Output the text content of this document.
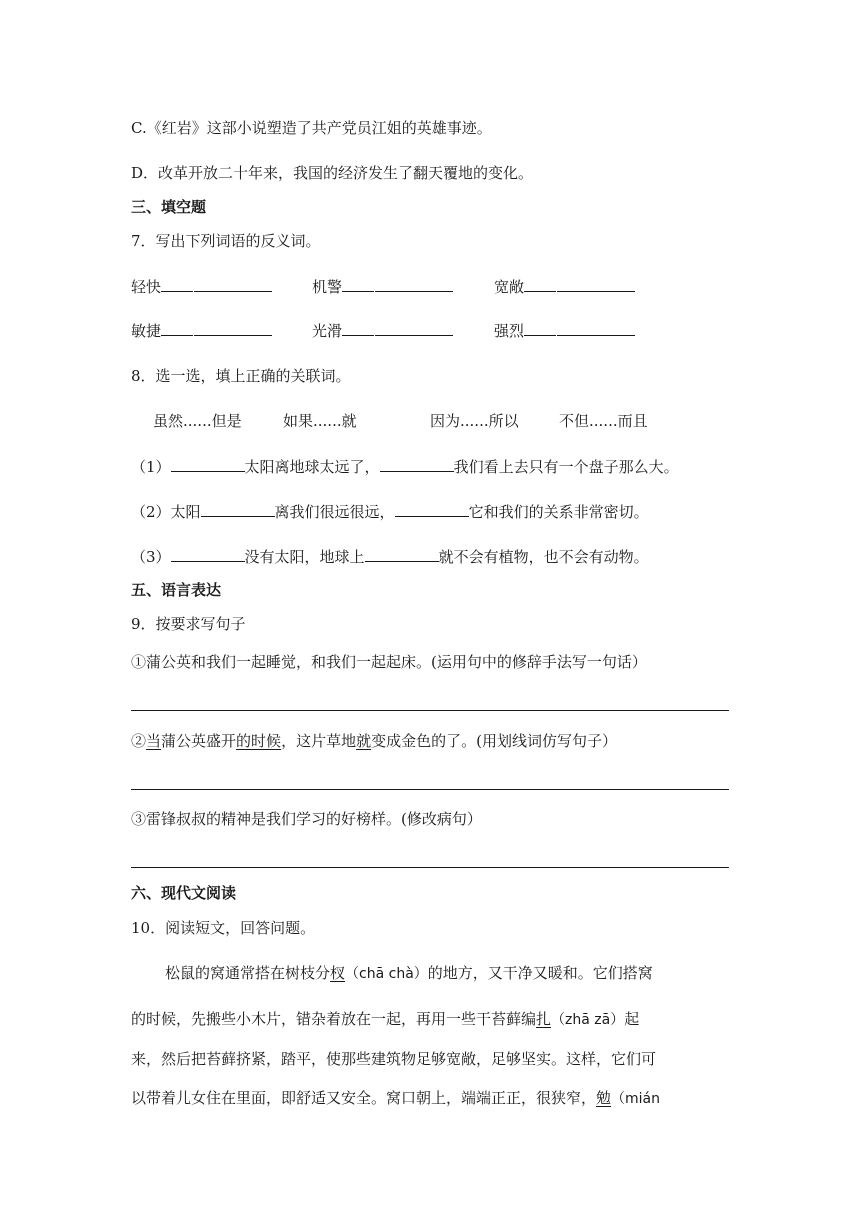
C.《红岩》这部小说塑造了共产党员江姐的英雄事迹。
D．改革开放二十年来，我国的经济发生了翻天覆地的变化。
三、填空题
7．写出下列词语的反义词。
轻快	机警	宽敞
敏捷	光滑	强烈
8．选一选，填上正确的关联词。
虽然......但是	如果......就	因为......所以	不但......而且
（1）	太阳离地球太远了，	我们看上去只有一个盘子那么大。
（2）太阳	离我们很远很远，	它和我们的关系非常密切。
（3）	没有太阳，地球上	就不会有植物，也不会有动物。
五、语言表达
9．按要求写句子
①蒲公英和我们一起睡觉，和我们一起起床。(运用句中的修辞手法写一句话）
②当蒲公英盛开的时候，这片草地就变成金色的了。(用划线词仿写句子）
③雷锋叔叔的精神是我们学习的好榜样。(修改病句）
六、现代文阅读
10．阅读短文，回答问题。
松鼠的窝通常搭在树枝分杈（chā chà）的地方，又干净又暖和。它们搭窝
的时候，先搬些小木片，错杂着放在一起，再用一些干苔藓编扎（zhā zā）起
来，然后把苔藓挤紧，踏平，使那些建筑物足够宽敞，足够坚实。这样，它们可
以带着儿女住在里面，即舒适又安全。窝口朝上，端端正正，很狭窄，勉（mián
